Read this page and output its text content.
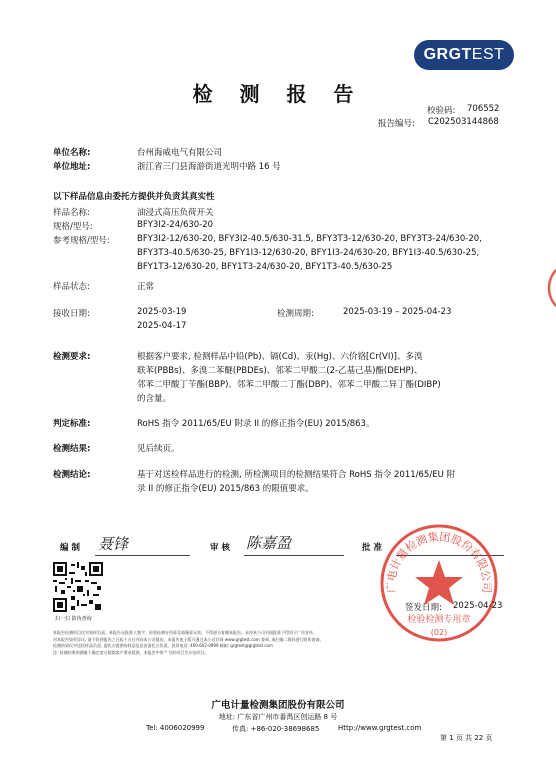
GRGTEST
检 测 报 告
校验码: 706552
报告编号: C202503144868
单位名称:	台州海威电气有限公司
单位地址:	浙江省三门县海游街道光明中路 16 号
以下样品信息由委托方提供并负责其真实性
样品名称:	油浸式高压负荷开关
规格/型号:	BFY3I2-24/630-20
参考规格/型号:	BFY3I2-12/630-20, BFY3I2-40.5/630-31.5, BFY3T3-12/630-20, BFY3T3-24/630-20,
BFY3T3-40.5/630-25, BFY1I3-12/630-20, BFY1I3-24/630-20, BFY1I3-40.5/630-25,
BFY1T3-12/630-20, BFY1T3-24/630-20, BFY1T3-40.5/630-25
样品状态:	正常
接收日期:	2025-03-19
2025-04-17
检测周期:	2025-03-19 – 2025-04-23
检测要求:	根据客户要求, 检测样品中铅(Pb)、镉(Cd)、汞(Hg)、六价铬[Cr(VI)]、多溴
联苯(PBBs)、多溴二苯醚(PBDEs)、邻苯二甲酸二(2-乙基己基)酯(DEHP)、
邻苯二甲酸丁苄酯(BBP)、邻苯二甲酸二丁酯(DBP)、邻苯二甲酸二异丁酯(DIBP)
的含量。
判定标准:	RoHS 指令 2011/65/EU 附录 II 的修正指令(EU) 2015/863。
检测结果:	见后续页。
检测结论:	基于对送检样品进行的检测, 所检测项目的检测结果符合 RoHS 指令 2011/65/EU 附
录 II 的修正指令(EU) 2015/863 的限值要求。
编 制 聂锋	审 核 陈嘉盈	批 准
广电计量检测集团股份有限公司
检验检测专用章
(02)
签发日期: 2025-04-23
扫一扫 防伪查询
本报告检测项目仅对来样负责。本报告无批准人签字、检验检测专用章及骑缝章无效。不得部分复制本报告。未经本公司书面批准不得用于广告宣传。
对本报告如有异议, 请于收到报告之日起十五日内向本公司提出。本报告电子版可通过本公司官网 www.grgtest.com 查询, 或扫描二维码进行防伪查询。
检测结果仅对送检样品负责, 委托方提供的样品信息由委托方负责。投诉电话: 400-602-0999 邮箱: grgtest@grgtest.com
注: 检测结果的测量不确定度可根据客户要求提供。本报告中带 * 号的项目为分包项目。
广电计量检测集团股份有限公司
地址: 广东省广州市番禺区创运路 8 号
Tel: 4006020999	传真: +86-020-38698685	Http://www.grgtest.com
第 1 页 共 22 页
